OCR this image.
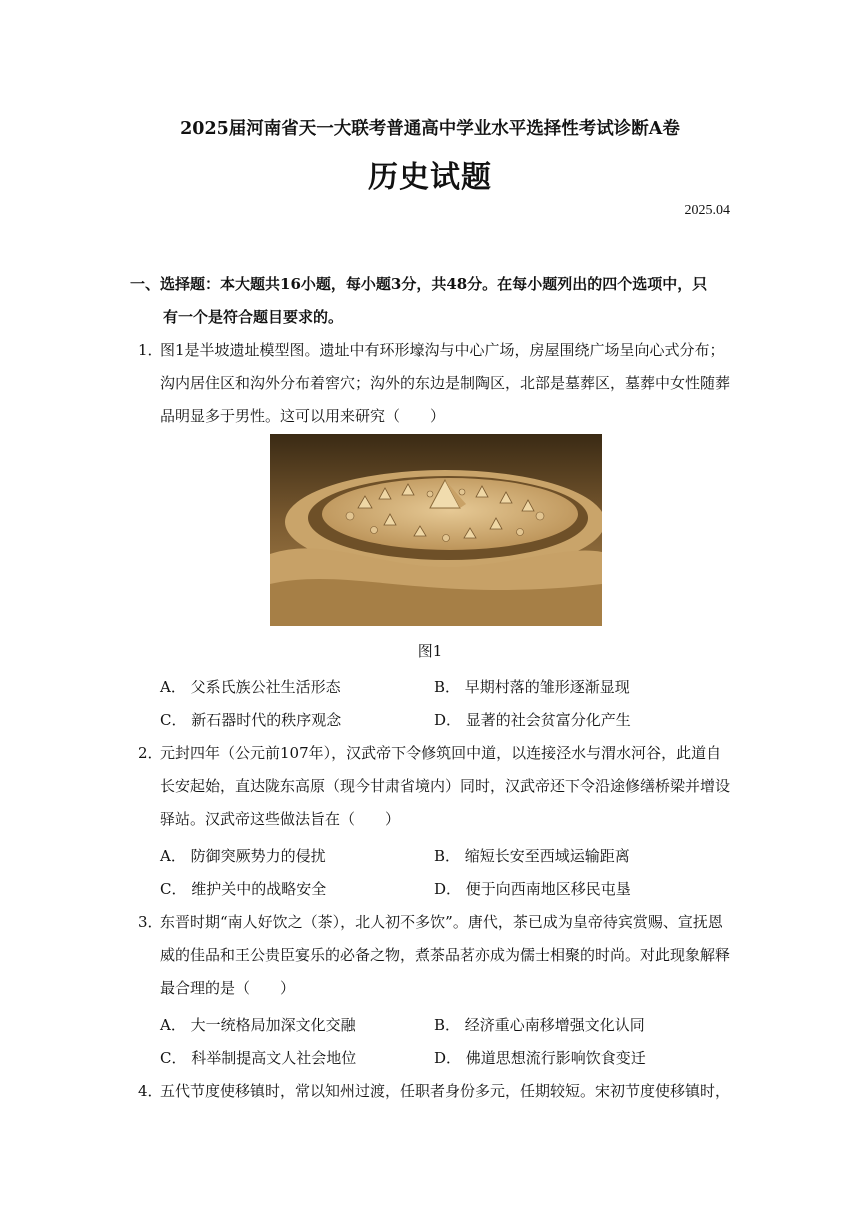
2025届河南省天一大联考普通高中学业水平选择性考试诊断A卷
历史试题
2025.04
一、选择题：本大题共16小题，每小题3分，共48分。在每小题列出的四个选项中，只
有一个是符合题目要求的。
1．
图1是半坡遗址模型图。遗址中有环形壕沟与中心广场，房屋围绕广场呈向心式分布；
沟内居住区和沟外分布着窖穴；沟外的东边是制陶区，北部是墓葬区，墓葬中女性随葬
品明显多于男性。这可以用来研究（　　）
图1
A． 父系氏族公社生活形态	B． 早期村落的雏形逐渐显现
C． 新石器时代的秩序观念	D． 显著的社会贫富分化产生
2．
元封四年（公元前107年），汉武帝下令修筑回中道，以连接泾水与渭水河谷，此道自
长安起始，直达陇东高原（现今甘肃省境内）同时，汉武帝还下令沿途修缮桥梁并增设
驿站。汉武帝这些做法旨在（　　）
A． 防御突厥势力的侵扰	B． 缩短长安至西域运输距离
C． 维护关中的战略安全	D． 便于向西南地区移民屯垦
3．
东晋时期“南人好饮之（茶），北人初不多饮”。唐代，茶已成为皇帝待宾赏赐、宣抚恩
威的佳品和王公贵臣宴乐的必备之物，煮茶品茗亦成为儒士相聚的时尚。对此现象解释
最合理的是（　　）
A． 大一统格局加深文化交融	B． 经济重心南移增强文化认同
C． 科举制提高文人社会地位	D． 佛道思想流行影响饮食变迁
4．
五代节度使移镇时，常以知州过渡，任职者身份多元，任期较短。宋初节度使移镇时，
